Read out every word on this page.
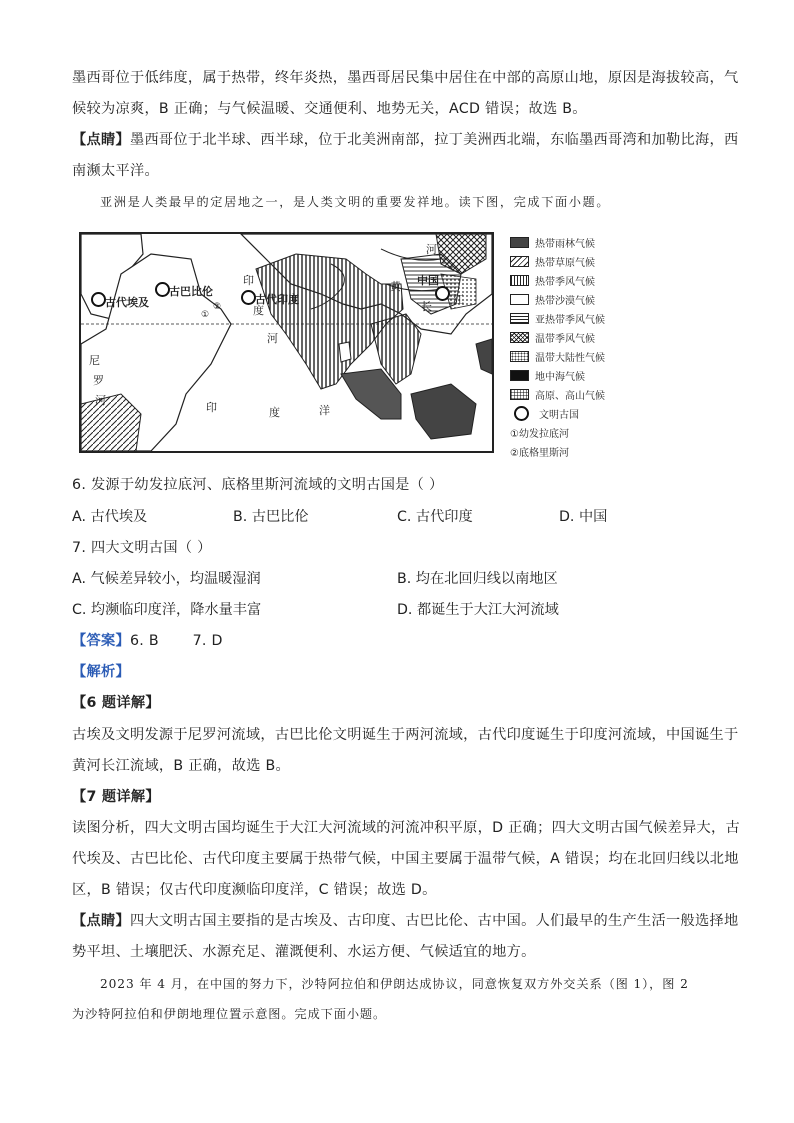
墨西哥位于低纬度，属于热带，终年炎热，墨西哥居民集中居住在中部的高原山地，原因是海拔较高，气
候较为凉爽，B 正确；与气候温暖、交通便利、地势无关，ACD 错误；故选 B。
【点睛】墨西哥位于北半球、西半球，位于北美洲南部，拉丁美洲西北端，东临墨西哥湾和加勒比海，西
南濒太平洋。
亚洲是人类最早的定居地之一，是人类文明的重要发祥地。读下图，完成下面小题。
古代埃及
古巴比伦
古代印度
中国
黄
河
长
江
印
度
河
印	度	洋
尼
罗
河
①
②
热带雨林气候
热带草原气候
热带季风气候
热带沙漠气候
亚热带季风气候
温带季风气候
温带大陆性气候
地中海气候
高原、高山气候
文明古国
①幼发拉底河
②底格里斯河
6. 发源于幼发拉底河、底格里斯河流域的文明古国是（ ）
A. 古代埃及	B. 古巴比伦	C. 古代印度	D. 中国
7. 四大文明古国（ ）
A. 气候差异较小，均温暖湿润	B. 均在北回归线以南地区
C. 均濒临印度洋，降水量丰富	D. 都诞生于大江大河流域
【答案】6. B       7. D
【解析】
【6 题详解】
古埃及文明发源于尼罗河流域，古巴比伦文明诞生于两河流域，古代印度诞生于印度河流域，中国诞生于
黄河长江流域，B 正确，故选 B。
【7 题详解】
读图分析，四大文明古国均诞生于大江大河流域的河流冲积平原，D 正确；四大文明古国气候差异大，古
代埃及、古巴比伦、古代印度主要属于热带气候，中国主要属于温带气候，A 错误；均在北回归线以北地
区，B 错误；仅古代印度濒临印度洋，C 错误；故选 D。
【点睛】四大文明古国主要指的是古埃及、古印度、古巴比伦、古中国。人们最早的生产生活一般选择地
势平坦、土壤肥沃、水源充足、灌溉便利、水运方便、气候适宜的地方。
2023 年 4 月，在中国的努力下，沙特阿拉伯和伊朗达成协议，同意恢复双方外交关系（图 1），图 2
为沙特阿拉伯和伊朗地理位置示意图。完成下面小题。
